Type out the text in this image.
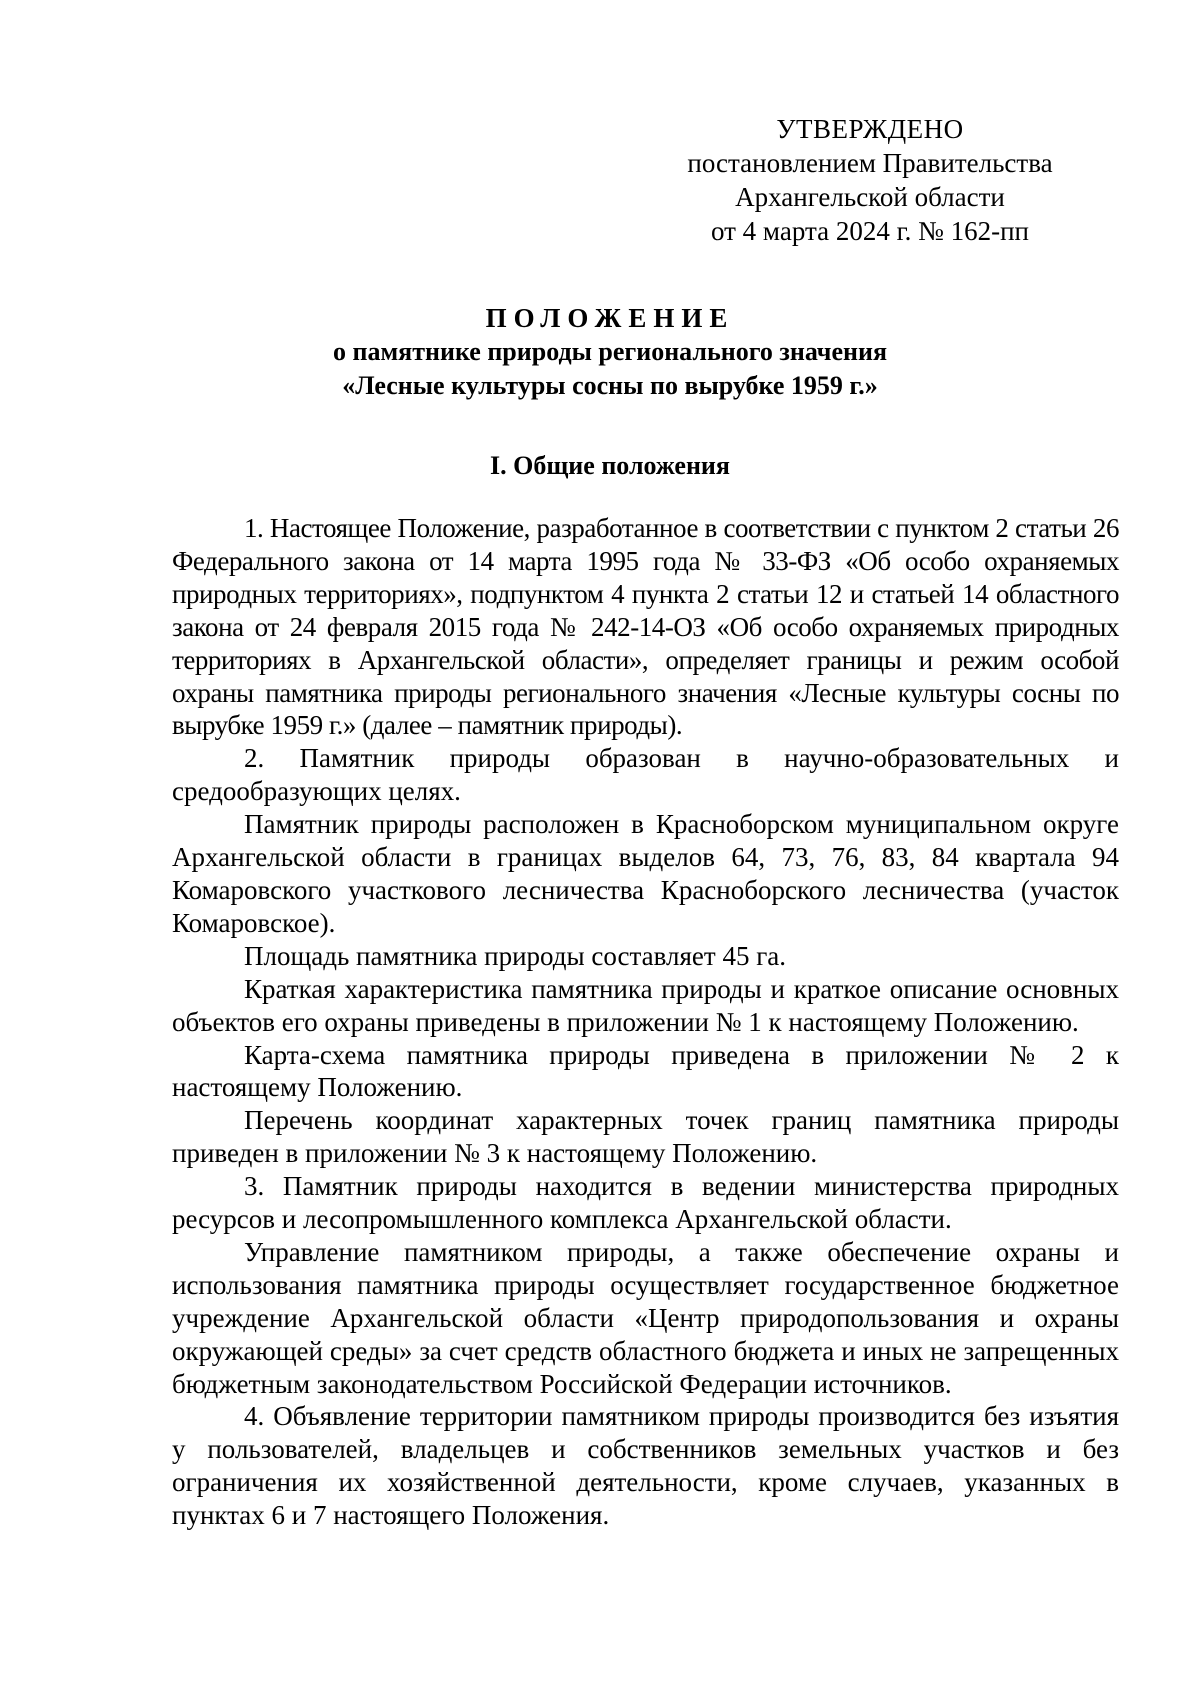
УТВЕРЖДЕНО
постановлением Правительства
Архангельской области
от 4 марта 2024 г. № 162-пп
ПОЛОЖЕНИЕ
о памятнике природы регионального значения
«Лесные культуры сосны по вырубке 1959 г.»
I. Общие положения

1. Настоящее Положение, разработанное в соответствии с пунктом 2 статьи 26 Федерального закона от 14 марта 1995 года № 33-ФЗ «Об особо охраняемых природных территориях», подпунктом 4 пункта 2 статьи 12 и статьей 14 областного закона от 24 февраля 2015 года № 242-14-ОЗ «Об особо охраняемых природных территориях в Архангельской области», определяет границы и режим особой охраны памятника природы регионального значения «Лесные культуры сосны по вырубке 1959 г.» (далее – памятник природы).

2. Памятник природы образован в научно-образовательных и средообразующих целях.

Памятник природы расположен в Красноборском муниципальном округе Архангельской области в границах выделов 64, 73, 76, 83, 84 квартала 94 Комаровского участкового лесничества Красноборского лесничества (участок Комаровское).

Площадь памятника природы составляет 45 га.

Краткая характеристика памятника природы и краткое описание основных объектов его охраны приведены в приложении № 1 к настоящему Положению.

Карта-схема памятника природы приведена в приложении № 2 к настоящему Положению.

Перечень координат характерных точек границ памятника природы приведен в приложении № 3 к настоящему Положению.

3. Памятник природы находится в ведении министерства природных ресурсов и лесопромышленного комплекса Архангельской области.

Управление памятником природы, а также обеспечение охраны и использования памятника природы осуществляет государственное бюджетное учреждение Архангельской области «Центр природопользования и охраны окружающей среды» за счет средств областного бюджета и иных не запрещенных бюджетным законодательством Российской Федерации источников.

4. Объявление территории памятником природы производится без изъятия у пользователей, владельцев и собственников земельных участков и без ограничения их хозяйственной деятельности, кроме случаев, указанных в пунктах 6 и 7 настоящего Положения.
